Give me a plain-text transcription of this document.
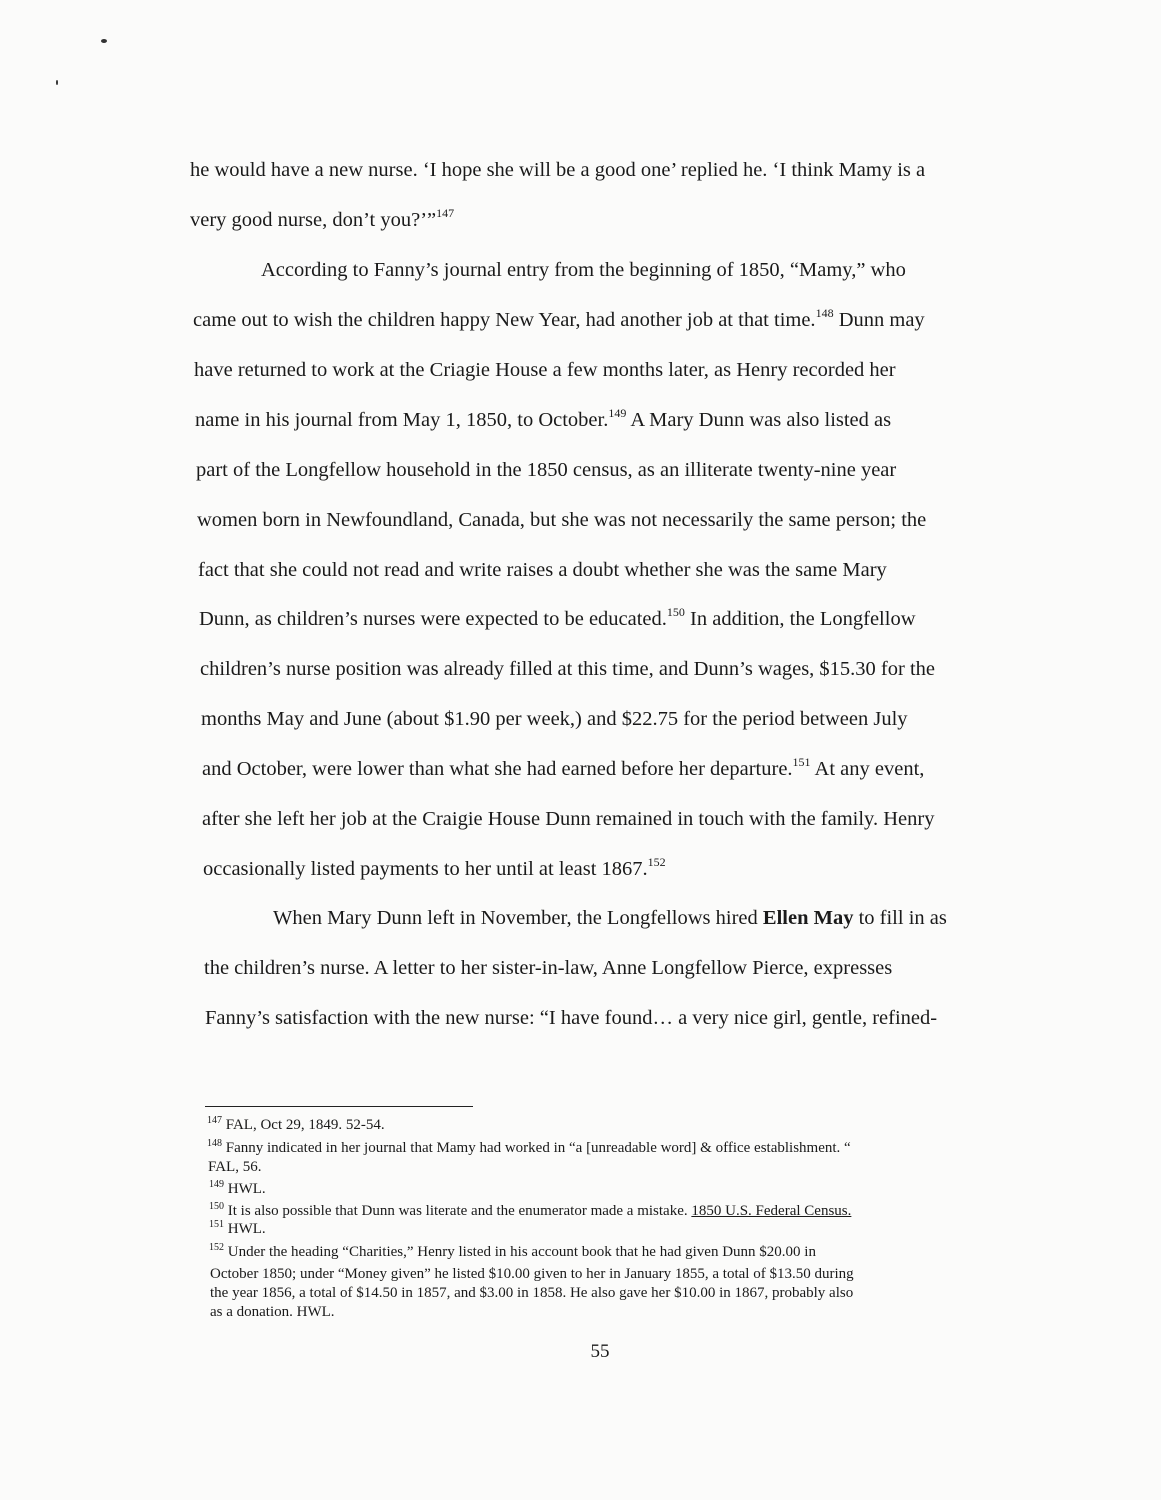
he would have a new nurse. ‘I hope she will be a good one’ replied he. ‘I think Mamy is a
very good nurse, don’t you?’”$^{147}$
According to Fanny’s journal entry from the beginning of 1850, “Mamy,” who
came out to wish the children happy New Year, had another job at that time.$^{148}$ Dunn may
have returned to work at the Criagie House a few months later, as Henry recorded her
name in his journal from May 1, 1850, to October.$^{149}$ A Mary Dunn was also listed as
part of the Longfellow household in the 1850 census, as an illiterate twenty-nine year
women born in Newfoundland, Canada, but she was not necessarily the same person; the
fact that she could not read and write raises a doubt whether she was the same Mary
Dunn, as children’s nurses were expected to be educated.$^{150}$ In addition, the Longfellow
children’s nurse position was already filled at this time, and Dunn’s wages, $15.30 for the
months May and June (about $1.90 per week,) and $22.75 for the period between July
and October, were lower than what she had earned before her departure.$^{151}$ At any event,
after she left her job at the Craigie House Dunn remained in touch with the family. Henry
occasionally listed payments to her until at least 1867.$^{152}$
When Mary Dunn left in November, the Longfellows hired Ellen May to fill in as
the children’s nurse. A letter to her sister-in-law, Anne Longfellow Pierce, expresses
Fanny’s satisfaction with the new nurse: “I have found… a very nice girl, gentle, refined-
$^{147}$ FAL, Oct 29, 1849. 52-54.
$^{148}$ Fanny indicated in her journal that Mamy had worked in “a [unreadable word] & office establishment. “
FAL, 56.
$^{149}$ HWL.
$^{150}$ It is also possible that Dunn was literate and the enumerator made a mistake. 1850 U.S. Federal Census.
$^{151}$ HWL.
$^{152}$ Under the heading “Charities,” Henry listed in his account book that he had given Dunn $20.00 in
October 1850; under “Money given” he listed $10.00 given to her in January 1855, a total of $13.50 during
the year 1856, a total of $14.50 in 1857, and $3.00 in 1858. He also gave her $10.00 in 1867, probably also
as a donation. HWL.
55
